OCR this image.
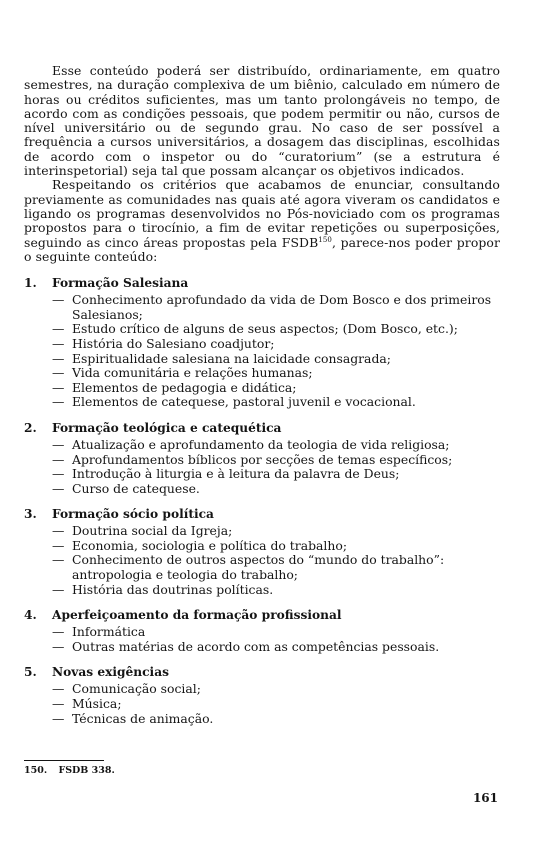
Esse conteúdo poderá ser distribuído, ordinariamente, em quatro semestres, na duração complexiva de um biênio, calculado em número de horas ou créditos suficientes, mas um tanto prolongáveis no tempo, de acordo com as condições pessoais, que podem permitir ou não, cursos de nível universitário ou de segundo grau. No caso de ser possível a frequência a cursos universitários, a dosagem das disciplinas, escolhidas de acordo com o inspetor ou do “curatorium” (se a estrutura é interinspetorial) seja tal que possam alcançar os objetivos indicados.

Respeitando os critérios que acabamos de enunciar, consultando previamente as comunidades nas quais até agora viveram os candidatos e ligando os programas desenvolvidos no Pós-noviciado com os programas propostos para o tirocínio, a fim de evitar repetições ou superposições, seguindo as cinco áreas propostas pela FSDB$^{150}$, parece-nos poder propor o seguinte conteúdo:

1.	Formação Salesiana
— Conhecimento aprofundado da vida de Dom Bosco e dos primeiros Salesianos;
— Estudo crítico de alguns de seus aspectos; (Dom Bosco, etc.);
— História do Salesiano coadjutor;
— Espiritualidade salesiana na laicidade consagrada;
— Vida comunitária e relações humanas;
— Elementos de pedagogia e didática;
— Elementos de catequese, pastoral juvenil e vocacional.
2.	Formação teológica e catequética
— Atualização e aprofundamento da teologia de vida religiosa;
— Aprofundamentos bíblicos por secções de temas específicos;
— Introdução à liturgia e à leitura da palavra de Deus;
— Curso de catequese.
3.	Formação sócio política
— Doutrina social da Igreja;
— Economia, sociologia e política do trabalho;
— Conhecimento de outros aspectos do “mundo do trabalho”: antropologia e teologia do trabalho;
— História das doutrinas políticas.
4.	Aperfeiçoamento da formação profissional
— Informática
— Outras matérias de acordo com as competências pessoais.
5.	Novas exigências
— Comunicação social;
— Música;
— Técnicas de animação.
150. FSDB 338.
161
